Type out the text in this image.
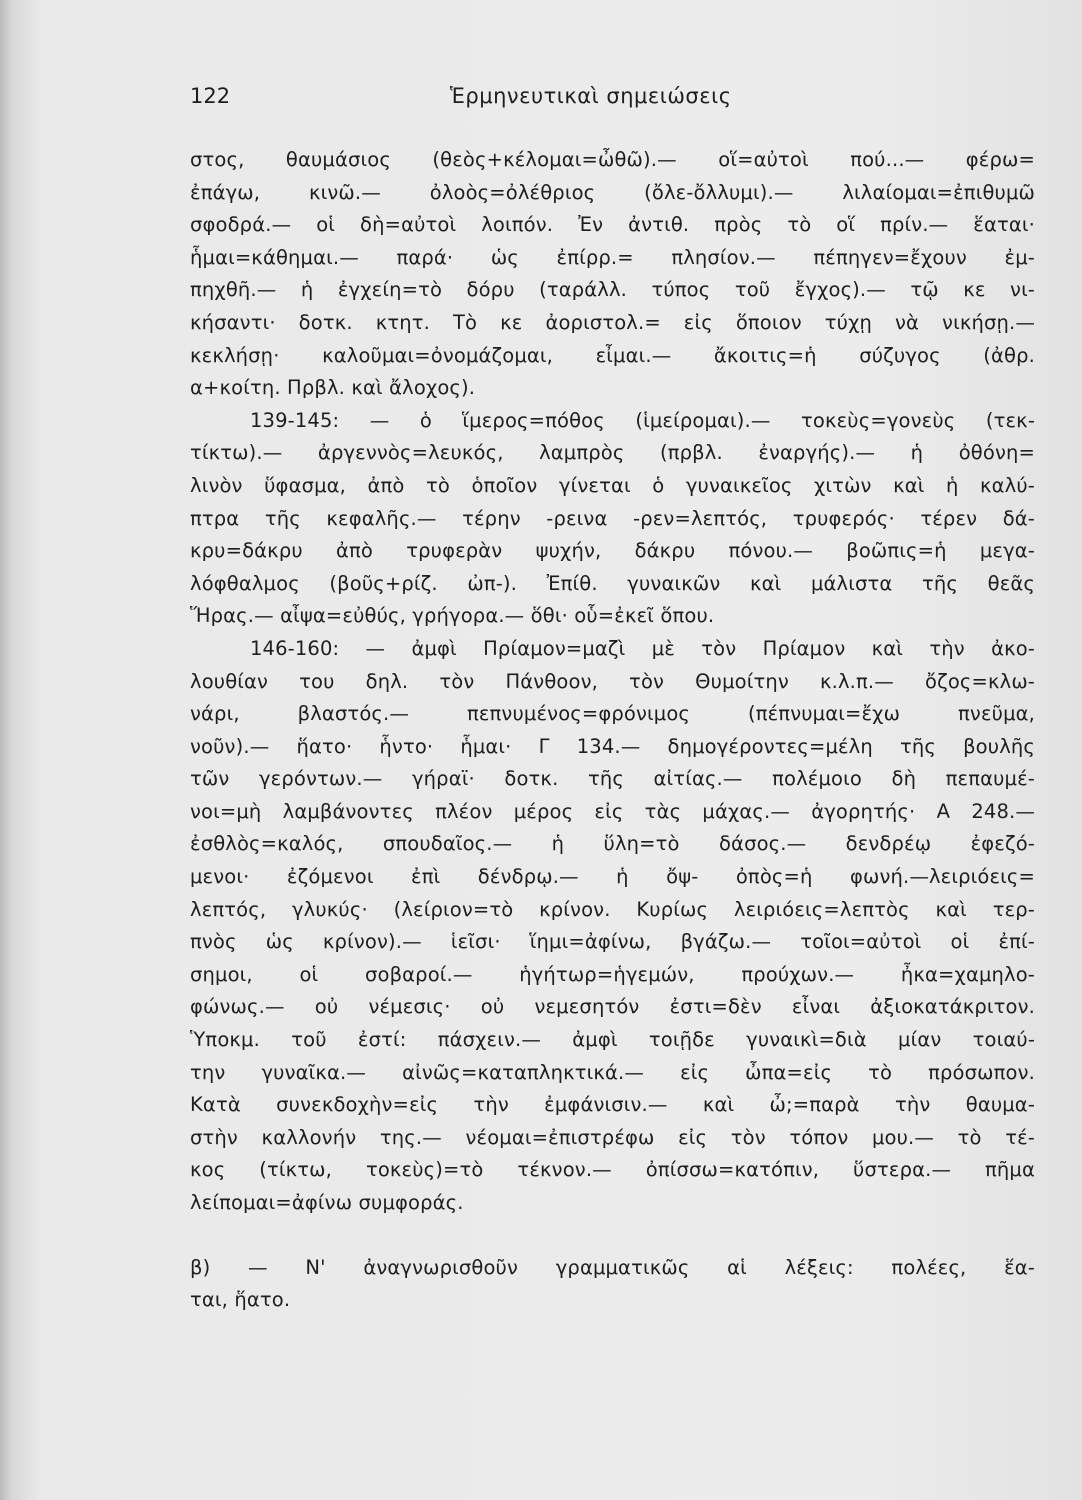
122	Ἑρμηνευτικαὶ σημειώσεις
στος, θαυμάσιος (θεὸς+κέλομαι=ὦθῶ).— οἵ=αὐτοὶ πού...— φέρω=
ἐπάγω, κινῶ.— ὀλοὸς=ὀλέθριος (ὄλε-ὄλλυμι).— λιλαίομαι=ἐπιθυμῶ
σφοδρά.— οἱ δὴ=αὐτοὶ λοιπόν. Ἐν ἀντιθ. πρὸς τὸ οἵ πρίν.— ἕαται·
ἧμαι=κάθημαι.— παρά· ὡς ἐπίρρ.= πλησίον.— πέπηγεν=ἔχουν ἐμ-
πηχθῆ.— ἡ ἐγχείη=τὸ δόρυ (ταράλλ. τύπος τοῦ ἔγχος).— τῷ κε νι-
κήσαντι· δοτκ. κτητ. Τὸ κε ἀοριστολ.= εἰς ὅποιον τύχῃ νὰ νικήσῃ.—
κεκλήσῃ· καλοῦμαι=ὀνομάζομαι, εἶμαι.— ἄκοιτις=ἡ σύζυγος (ἀθρ.
α+κοίτη. Πρβλ. καὶ ἄλοχος).
139-145: — ὁ ἵμερος=πόθος (ἱμείρομαι).— τοκεὺς=γονεὺς (τεκ-
τίκτω).— ἀργεννὸς=λευκός, λαμπρὸς (πρβλ. ἐναργής).— ἡ ὀθόνη=
λινὸν ὕφασμα, ἀπὸ τὸ ὁποῖον γίνεται ὁ γυναικεῖος χιτὼν καὶ ἡ καλύ-
πτρα τῆς κεφαλῆς.— τέρην -ρεινα -ρεν=λεπτός, τρυφερός· τέρεν δά-
κρυ=δάκρυ ἀπὸ τρυφερὰν ψυχήν, δάκρυ πόνου.— βοῶπις=ἡ μεγα-
λόφθαλμος (βοῦς+ρίζ. ὠπ-). Ἐπίθ. γυναικῶν καὶ μάλιστα τῆς θεᾶς
Ἥρας.— αἶψα=εὐθύς, γρήγορα.— ὅθι· οὗ=ἐκεῖ ὅπου.
146-160: — ἀμφὶ Πρίαμον=μαζὶ μὲ τὸν Πρίαμον καὶ τὴν ἀκο-
λουθίαν του δηλ. τὸν Πάνθοον, τὸν Θυμοίτην κ.λ.π.— ὄζος=κλω-
νάρι, βλαστός.— πεπνυμένος=φρόνιμος (πέπνυμαι=ἔχω πνεῦμα,
νοῦν).— ἥατο· ἧντο· ἧμαι· Γ 134.— δημογέροντες=μέλη τῆς βουλῆς
τῶν γερόντων.— γήραϊ· δοτκ. τῆς αἰτίας.— πολέμοιο δὴ πεπαυμέ-
νοι=μὴ λαμβάνοντες πλέον μέρος εἰς τὰς μάχας.— ἀγορητής· Α 248.—
ἐσθλὸς=καλός, σπουδαῖος.— ἡ ὕλη=τὸ δάσος.— δενδρέῳ ἐφεζό-
μενοι· ἐζόμενοι ἐπὶ δένδρῳ.— ἡ ὄψ- ὀπὸς=ἡ φωνή.—λειριόεις=
λεπτός, γλυκύς· (λείριον=τὸ κρίνον. Κυρίως λειριόεις=λεπτὸς καὶ τερ-
πνὸς ὡς κρίνον).— ἱεῖσι· ἵημι=ἀφίνω, βγάζω.— τοῖοι=αὐτοὶ οἱ ἐπί-
σημοι, οἱ σοβαροί.— ἡγήτωρ=ἡγεμών, προύχων.— ἦκα=χαμηλο-
φώνως.— οὐ νέμεσις· οὐ νεμεσητόν ἐστι=δὲν εἶναι ἀξιοκατάκριτον.
Ὑποκμ. τοῦ ἐστί: πάσχειν.— ἀμφὶ τοιῇδε γυναικὶ=διὰ μίαν τοιαύ-
την γυναῖκα.— αἰνῶς=καταπληκτικά.— εἰς ὦπα=εἰς τὸ πρόσωπον.
Κατὰ συνεκδοχὴν=εἰς τὴν ἐμφάνισιν.— καὶ ὦ;=παρὰ τὴν θαυμα-
στὴν καλλονήν της.— νέομαι=ἐπιστρέφω εἰς τὸν τόπον μου.— τὸ τέ-
κος (τίκτω, τοκεὺς)=τὸ τέκνον.— ὀπίσσω=κατόπιν, ὕστερα.— πῆμα
λείπομαι=ἀφίνω συμφοράς.
β) — Ν' ἀναγνωρισθοῦν γραμματικῶς αἱ λέξεις: πολέες, ἕα-
ται, ἥατο.
